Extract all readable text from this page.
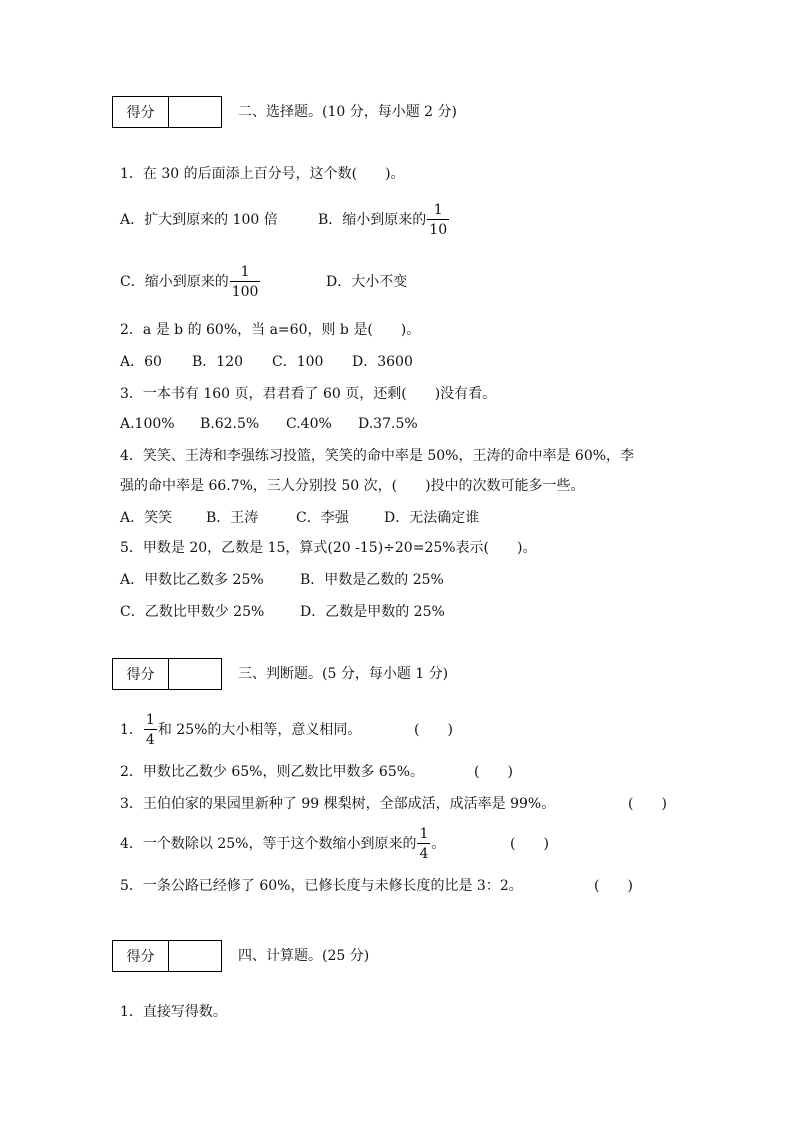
得分	二、选择题。(10 分，每小题 2 分)
1．在 30 的后面添上百分号，这个数(　　)。
A．扩大到原来的 100 倍	B．缩小到原来的 $\frac{1}{10}$
C．缩小到原来的 $\frac{1}{100}$	D．大小不变
2．a 是 b 的 60%，当 a=60，则 b 是(　　)。
A．60 B．120 C．100 D．3600
3．一本书有 160 页，君君看了 60 页，还剩(　　)没有看。
A.100% B.62.5% C.40% D.37.5%
4．笑笑、王涛和李强练习投篮，笑笑的命中率是 50%，王涛的命中率是 60%，李
强的命中率是 66.7%，三人分别投 50 次，(　　)投中的次数可能多一些。
A．笑笑 B．王涛	C．李强	D．无法确定谁
5．甲数是 20，乙数是 15，算式(20 -15)÷20=25%表示(　　)。
A．甲数比乙数多 25%	B．甲数是乙数的 25%
C．乙数比甲数少 25%	D．乙数是甲数的 25%
得分	三、判断题。(5 分，每小题 1 分)
1． $\frac{1}{4}$ 和 25%的大小相等，意义相同。	(　　)
2．甲数比乙数少 65%，则乙数比甲数多 65%。	(　　)
3．王伯伯家的果园里新种了 99 棵梨树，全部成活，成活率是 99%。	(　　)
4．一个数除以 25%，等于这个数缩小到原来的 $\frac{1}{4}$ 。	(　　)
5．一条公路已经修了 60%，已修长度与未修长度的比是 3：2。	(　　)
得分	四、计算题。(25 分)
1．直接写得数。
